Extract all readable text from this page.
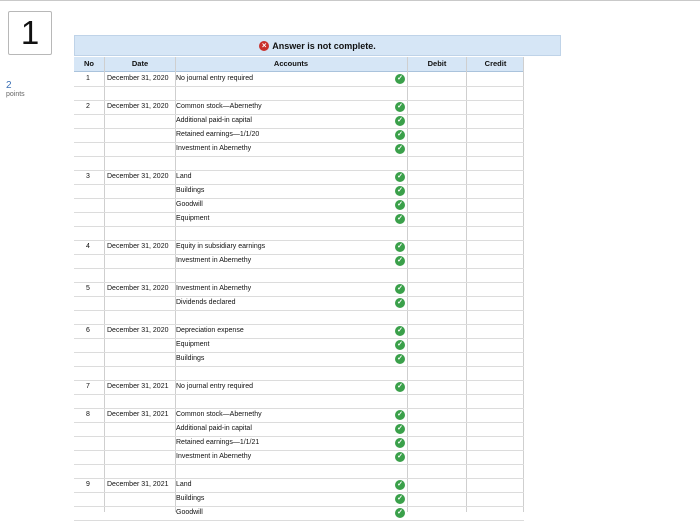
1
2
points
× Answer is not complete.
No	Date	Accounts	Debit	Credit
1	December 31, 2020	No journal entry required	✓
2	December 31, 2020	Common stock—Abernethy	✓
Additional paid-in capital	✓
Retained earnings—1/1/20	✓
Investment in Abernethy	✓
3	December 31, 2020	Land	✓
Buildings	✓
Goodwill	✓
Equipment	✓
4	December 31, 2020	Equity in subsidiary earnings	✓
Investment in Abernethy	✓
5	December 31, 2020	Investment in Abernethy	✓
Dividends declared	✓
6	December 31, 2020	Depreciation expense	✓
Equipment	✓
Buildings	✓
7	December 31, 2021	No journal entry required	✓
8	December 31, 2021	Common stock—Abernethy	✓
Additional paid-in capital	✓
Retained earnings—1/1/21	✓
Investment in Abernethy	✓
9	December 31, 2021	Land	✓
Buildings	✓
Goodwill	✓
